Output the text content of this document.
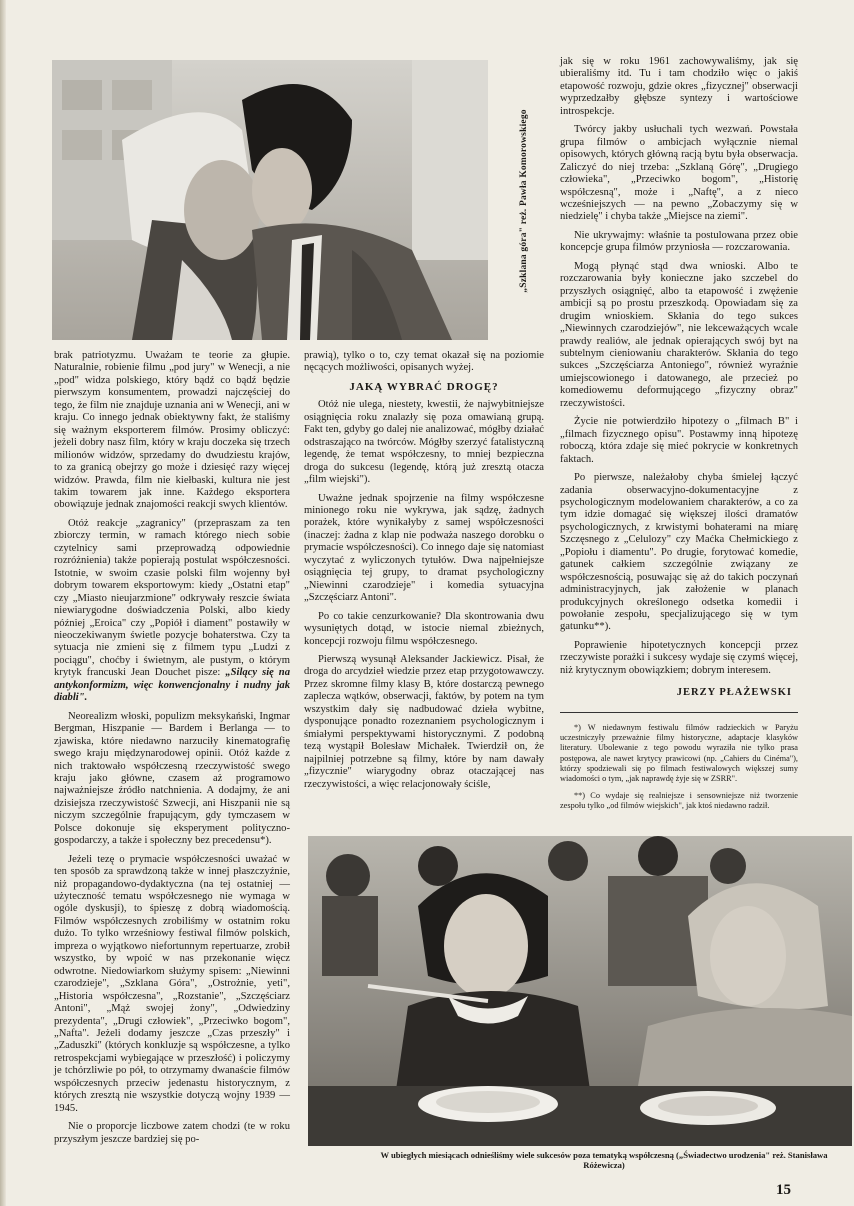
„Szklana góra" reż. Pawła Komorowskiego

brak patriotyzmu. Uważam te teorie za głupie. Naturalnie, robienie filmu „pod jury" w Wenecji, a nie „pod" widza polskiego, który bądź co bądź będzie pierwszym konsumentem, prowadzi najczęściej do tego, że film nie znajduje uznania ani w Wenecji, ani w kraju. Co innego jednak obiektywny fakt, że staliśmy się ważnym eksporterem filmów. Prosimy obliczyć: jeżeli dobry nasz film, który w kraju doczeka się trzech milionów widzów, sprzedamy do dwudziestu krajów, to za granicą obejrzy go może i dziesięć razy więcej widzów. Prawda, film nie kiełbaski, kultura nie jest takim towarem jak inne. Każdego eksportera obowiązuje jednak znajomości reakcji swych klientów.

Otóż reakcje „zagranicy" (przepraszam za ten zbiorczy termin, w ramach którego niech sobie czytelnicy sami przeprowadzą odpowiednie rozróżnienia) także popierają postulat współczesności. Istotnie, w swoim czasie polski film wojenny był dobrym towarem eksportowym: kiedy „Ostatni etap" czy „Miasto nieujarzmione" odkrywały reszcie świata niewiarygodne doświadczenia Polski, albo kiedy później „Eroica" czy „Popiół i diament" postawiły w nieoczekiwanym świetle pozycje bohaterstwa. Czy ta sytuacja nie zmieni się z filmem typu „Ludzi z pociągu", choćby i świetnym, ale pustym, o którym krytyk francuski Jean Douchet pisze: „Silący się na antykonformizm, więc konwencjonalny i nudny jak diabli".

Neorealizm włoski, populizm meksykański, Ingmar Bergman, Hiszpanie — Bardem i Berlanga — to zjawiska, które niedawno narzuciły kinematografię swego kraju międzynarodowej opinii. Otóż każde z nich traktowało współczesną rzeczywistość swego kraju jako główne, czasem aż programowo najważniejsze źródło natchnienia. A dodajmy, że ani dzisiejsza rzeczywistość Szwecji, ani Hiszpanii nie są niczym szczególnie frapującym, gdy tymczasem w Polsce dokonuje się eksperyment polityczno-gospodarczy, a także i społeczny bez precedensu*).

Jeżeli tezę o prymacie współczesności uważać w ten sposób za sprawdzoną także w innej płaszczyźnie, niż propagandowo-dydaktyczna (na tej ostatniej — użyteczność tematu współczesnego nie wymaga w ogóle dyskusji), to śpieszę z dobrą wiadomością. Filmów współczesnych zrobiliśmy w ostatnim roku dużo. To tylko wrześniowy festiwal filmów polskich, impreza o wyjątkowo niefortunnym repertuarze, zrobił wszystko, by wpoić w nas przekonanie więcz odwrotne. Niedowiarkom służymy spisem: „Niewinni czarodzieje", „Szklana Góra", „Ostrożnie, yeti", „Historia współczesna", „Rozstanie", „Szczęściarz Antoni", „Mąż swojej żony", „Odwiedziny prezydenta", „Drugi człowiek", „Przeciwko bogom", „Nafta". Jeżeli dodamy jeszcze „Czas przeszły" i „Zaduszki" (których konkluzje są współczesne, a tylko retrospekcjami wybiegające w przeszłość) i policzymy je tchórzliwie po pół, to otrzymamy dwanaście filmów współczesnych przeciw jedenastu historycznym, z których zresztą nie wszystkie dotyczą wojny 1939 — 1945.

Nie o proporcje liczbowe zatem chodzi (te w roku przyszłym jeszcze bardziej się po-

prawią), tylko o to, czy temat okazał się na poziomie nęcących możliwości, opisanych wyżej.

JAKĄ WYBRAĆ DROGĘ?

Otóż nie ulega, niestety, kwestii, że najwybitniejsze osiągnięcia roku znalazły się poza omawianą grupą. Fakt ten, gdyby go dalej nie analizować, mógłby działać odstraszająco na twórców. Mógłby szerzyć fatalistyczną legendę, że temat współczesny, to mniej bezpieczna droga do sukcesu (legendę, którą już zresztą otacza „film wiejski").

Uważne jednak spojrzenie na filmy współczesne minionego roku nie wykrywa, jak sądzę, żadnych porażek, które wynikałyby z samej współczesności (inaczej: żadna z klap nie podważa naszego dorobku o prymacie współczesności). Co innego daje się natomiast wyczytać z wyliczonych tytułów. Dwa najpełniejsze osiągnięcia tej grupy, to dramat psychologiczny „Niewinni czarodzieje" i komedia sytuacyjna „Szczęściarz Antoni".

Po co takie cenzurkowanie? Dla skontrowania dwu wysuniętych dotąd, w istocie niemal zbieżnych, koncepcji rozwoju filmu współczesnego.

Pierwszą wysunął Aleksander Jackiewicz. Pisał, że droga do arcydzieł wiedzie przez etap przygotowawczy. Przez skromne filmy klasy B, które dostarczą pewnego zaplecza wątków, obserwacji, faktów, by potem na tym wszystkim dały się nadbudować dzieła wybitne, dysponujące ponadto rozeznaniem psychologicznym i śmiałymi perspektywami historycznymi. Z podobną tezą wystąpił Bolesław Michałek. Twierdził on, że najpilniej potrzebne są filmy, które by nam dawały „fizycznie" wiarygodny obraz otaczającej nas rzeczywistości, a więc relacjonowały ściśle,

jak się w roku 1961 zachowywaliśmy, jak się ubieraliśmy itd. Tu i tam chodziło więc o jakiś etapowość rozwoju, gdzie okres „fizycznej" obserwacji wyprzedzałby głębsze syntezy i wartościowe introspekcje.

Twórcy jakby usłuchali tych wezwań. Powstała grupa filmów o ambicjach wyłącznie niemal opisowych, których główną racją bytu była obserwacja. Zaliczyć do niej trzeba: „Szklaną Górę", „Drugiego człowieka", „Przeciwko bogom", „Historię współczesną", może i „Naftę", a z nieco wcześniejszych — na pewno „Zobaczymy się w niedzielę" i chyba także „Miejsce na ziemi".

Nie ukrywajmy: właśnie ta postulowana przez obie koncepcje grupa filmów przyniosła — rozczarowania.

Mogą płynąć stąd dwa wnioski. Albo te rozczarowania były konieczne jako szczebel do przyszłych osiągnięć, albo ta etapowość i zwężenie ambicji są po prostu przeszkodą. Opowiadam się za drugim wnioskiem. Skłania do tego sukces „Niewinnych czarodziejów", nie lekceważących wcale prawdy realiów, ale jednak opierających swój byt na subtelnym cieniowaniu charakterów. Skłania do tego sukces „Szczęściarza Antoniego", również wyraźnie umiejscowionego i datowanego, ale przecież po komediowemu deformującego „fizyczny obraz" rzeczywistości.

Życie nie potwierdziło hipotezy o „filmach B" i „filmach fizycznego opisu". Postawmy inną hipotezę roboczą, która zdaje się mieć pokrycie w konkretnych faktach.

Po pierwsze, należałoby chyba śmielej łączyć zadania obserwacyjno-dokumentacyjne z psychologicznym modelowaniem charakterów, a co za tym idzie domagać się większej ilości dramatów psychologicznych, z krwistymi bohaterami na miarę Szczęsnego z „Celulozy" czy Maćka Chełmickiego z „Popiołu i diamentu". Po drugie, forytować komedie, gatunek całkiem szczególnie związany ze współczesnością, posuwając się aż do takich poczynań administracyjnych, jak założenie w planach produkcyjnych określonego odsetka komedii i powołanie zespołu, specjalizującego się w tym gatunku**).

Poprawienie hipotetycznych koncepcji przez rzeczywiste porażki i sukcesy wydaje się czymś więcej, niż krytycznym obowiązkiem; dobrym interesem.

JERZY PŁAŻEWSKI

*) W niedawnym festiwalu filmów radzieckich w Paryżu uczestniczyły przeważnie filmy historyczne, adaptacje klasyków literatury. Ubolewanie z tego powodu wyraziła nie tylko prasa postępowa, ale nawet krytycy prawicowi (np. „Cahiers du Cinéma"), którzy spodziewali się po filmach festiwalowych większej sumy wiadomości o tym, „jak naprawdę żyje się w ZSRR".

**) Co wydaje się realniejsze i sensowniejsze niż tworzenie zespołu tylko „od filmów wiejskich", jak ktoś niedawno radził.

W ubiegłych miesiącach odnieśliśmy wiele sukcesów poza tematyką współczesną („Świadectwo urodzenia" reż. Stanisława Różewicza)
15
